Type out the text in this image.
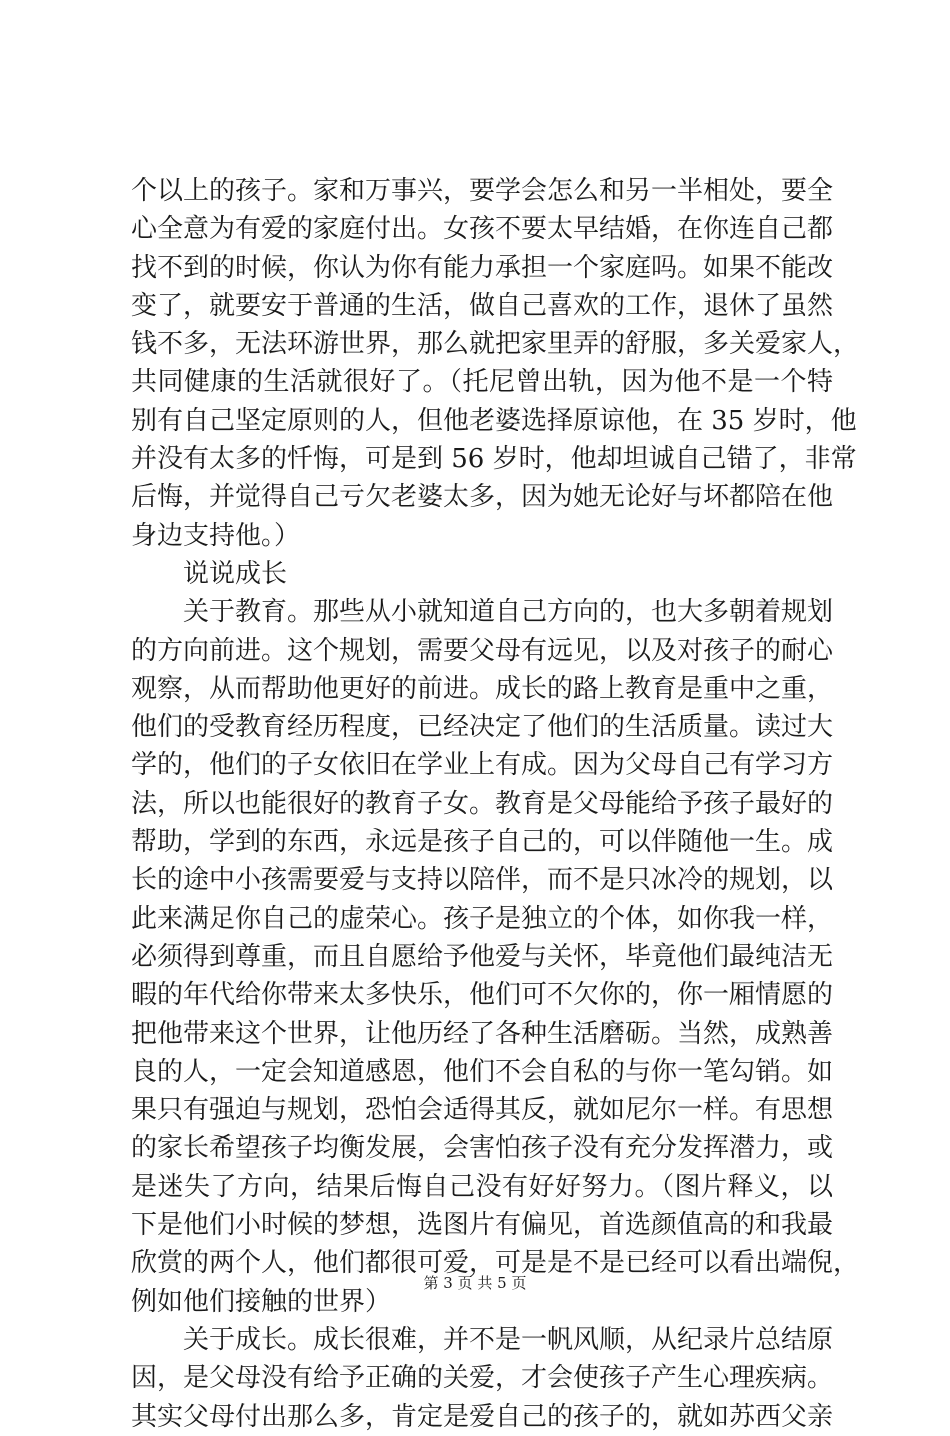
个以上的孩子。家和万事兴，要学会怎么和另一半相处，要全
心全意为有爱的家庭付出。女孩不要太早结婚，在你连自己都
找不到的时候，你认为你有能力承担一个家庭吗。如果不能改
变了，就要安于普通的生活，做自己喜欢的工作，退休了虽然
钱不多，无法环游世界，那么就把家里弄的舒服，多关爱家人，
共同健康的生活就很好了。（托尼曾出轨，因为他不是一个特
别有自己坚定原则的人，但他老婆选择原谅他，在 35 岁时，他
并没有太多的忏悔，可是到 56 岁时，他却坦诚自己错了，非常
后悔，并觉得自己亏欠老婆太多，因为她无论好与坏都陪在他
身边支持他。）
说说成长
关于教育。那些从小就知道自己方向的，也大多朝着规划
的方向前进。这个规划，需要父母有远见，以及对孩子的耐心
观察，从而帮助他更好的前进。成长的路上教育是重中之重，
他们的受教育经历程度，已经决定了他们的生活质量。读过大
学的，他们的子女依旧在学业上有成。因为父母自己有学习方
法，所以也能很好的教育子女。教育是父母能给予孩子最好的
帮助，学到的东西，永远是孩子自己的，可以伴随他一生。成
长的途中小孩需要爱与支持以陪伴，而不是只冰冷的规划，以
此来满足你自己的虚荣心。孩子是独立的个体，如你我一样，
必须得到尊重，而且自愿给予他爱与关怀，毕竟他们最纯洁无
暇的年代给你带来太多快乐，他们可不欠你的，你一厢情愿的
把他带来这个世界，让他历经了各种生活磨砺。当然，成熟善
良的人，一定会知道感恩，他们不会自私的与你一笔勾销。如
果只有强迫与规划，恐怕会适得其反，就如尼尔一样。有思想
的家长希望孩子均衡发展，会害怕孩子没有充分发挥潜力，或
是迷失了方向，结果后悔自己没有好好努力。（图片释义，以
下是他们小时候的梦想，选图片有偏见，首选颜值高的和我最
欣赏的两个人，他们都很可爱，可是是不是已经可以看出端倪，
例如他们接触的世界）
关于成长。成长很难，并不是一帆风顺，从纪录片总结原
因，是父母没有给予正确的关爱，才会使孩子产生心理疾病。
其实父母付出那么多，肯定是爱自己的孩子的，就如苏西父亲
第 3 页 共 5 页
